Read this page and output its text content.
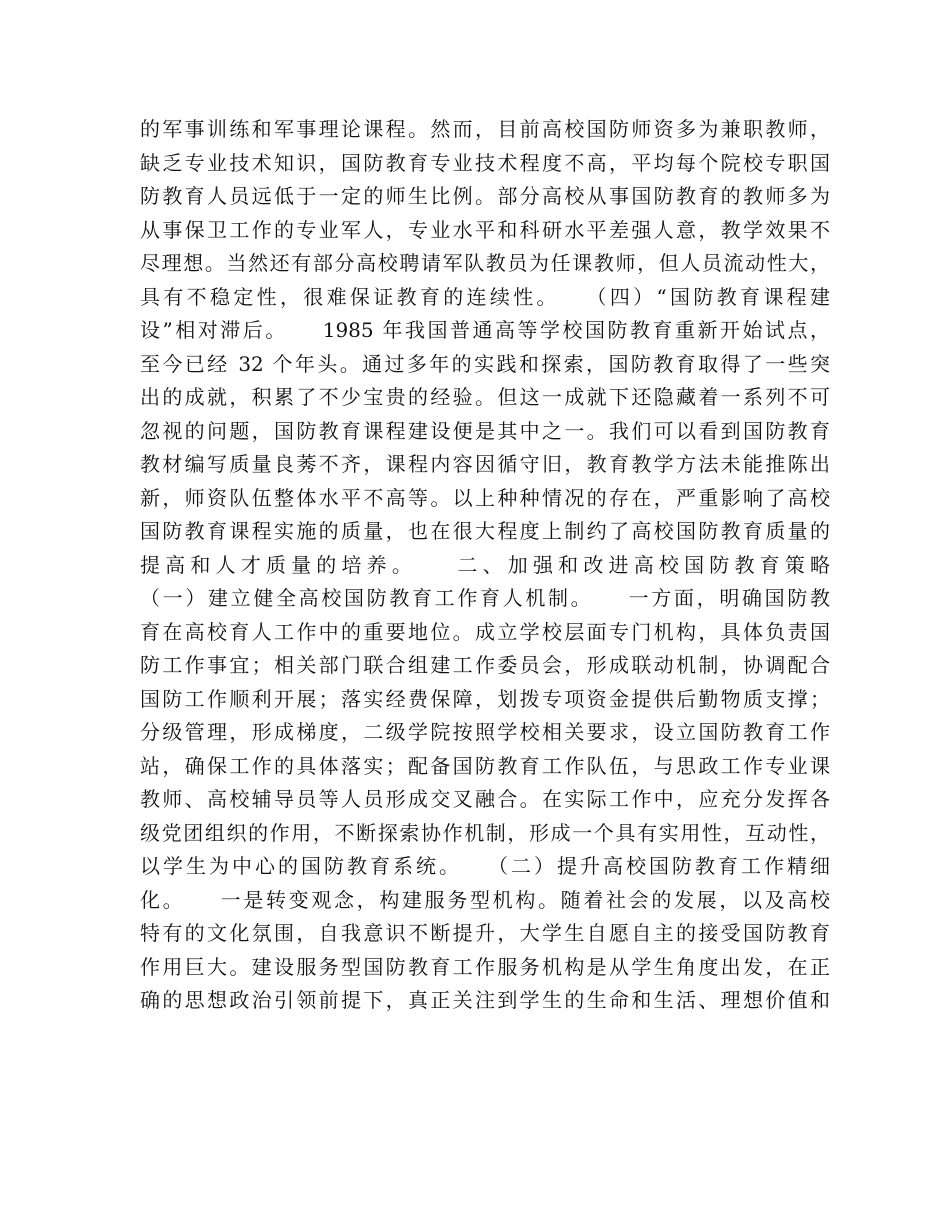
的军事训练和军事理论课程。然而，目前高校国防师资多为兼职教师，
缺乏专业技术知识，国防教育专业技术程度不高，平均每个院校专职国
防教育人员远低于一定的师生比例。部分高校从事国防教育的教师多为
从事保卫工作的专业军人，专业水平和科研水平差强人意，教学效果不
尽理想。当然还有部分高校聘请军队教员为任课教师，但人员流动性大，
具有不稳定性，很难保证教育的连续性。　　（四）“国防教育课程建
设”相对滞后。　　1985 年我国普通高等学校国防教育重新开始试点，
至今已经 32 个年头。通过多年的实践和探索，国防教育取得了一些突
出的成就，积累了不少宝贵的经验。但这一成就下还隐藏着一系列不可
忽视的问题，国防教育课程建设便是其中之一。我们可以看到国防教育
教材编写质量良莠不齐，课程内容因循守旧，教育教学方法未能推陈出
新，师资队伍整体水平不高等。以上种种情况的存在，严重影响了高校
国防教育课程实施的质量，也在很大程度上制约了高校国防教育质量的
提高和人才质量的培养。　　二、加强和改进高校国防教育策略
（一）建立健全高校国防教育工作育人机制。　　一方面，明确国防教
育在高校育人工作中的重要地位。成立学校层面专门机构，具体负责国
防工作事宜；相关部门联合组建工作委员会，形成联动机制，协调配合
国防工作顺利开展；落实经费保障，划拨专项资金提供后勤物质支撑；
分级管理，形成梯度，二级学院按照学校相关要求，设立国防教育工作
站，确保工作的具体落实；配备国防教育工作队伍，与思政工作专业课
教师、高校辅导员等人员形成交叉融合。在实际工作中，应充分发挥各
级党团组织的作用，不断探索协作机制，形成一个具有实用性，互动性，
以学生为中心的国防教育系统。　　（二）提升高校国防教育工作精细
化。　　一是转变观念，构建服务型机构。随着社会的发展，以及高校
特有的文化氛围，自我意识不断提升，大学生自愿自主的接受国防教育
作用巨大。建设服务型国防教育工作服务机构是从学生角度出发，在正
确的思想政治引领前提下，真正关注到学生的生命和生活、理想价值和
